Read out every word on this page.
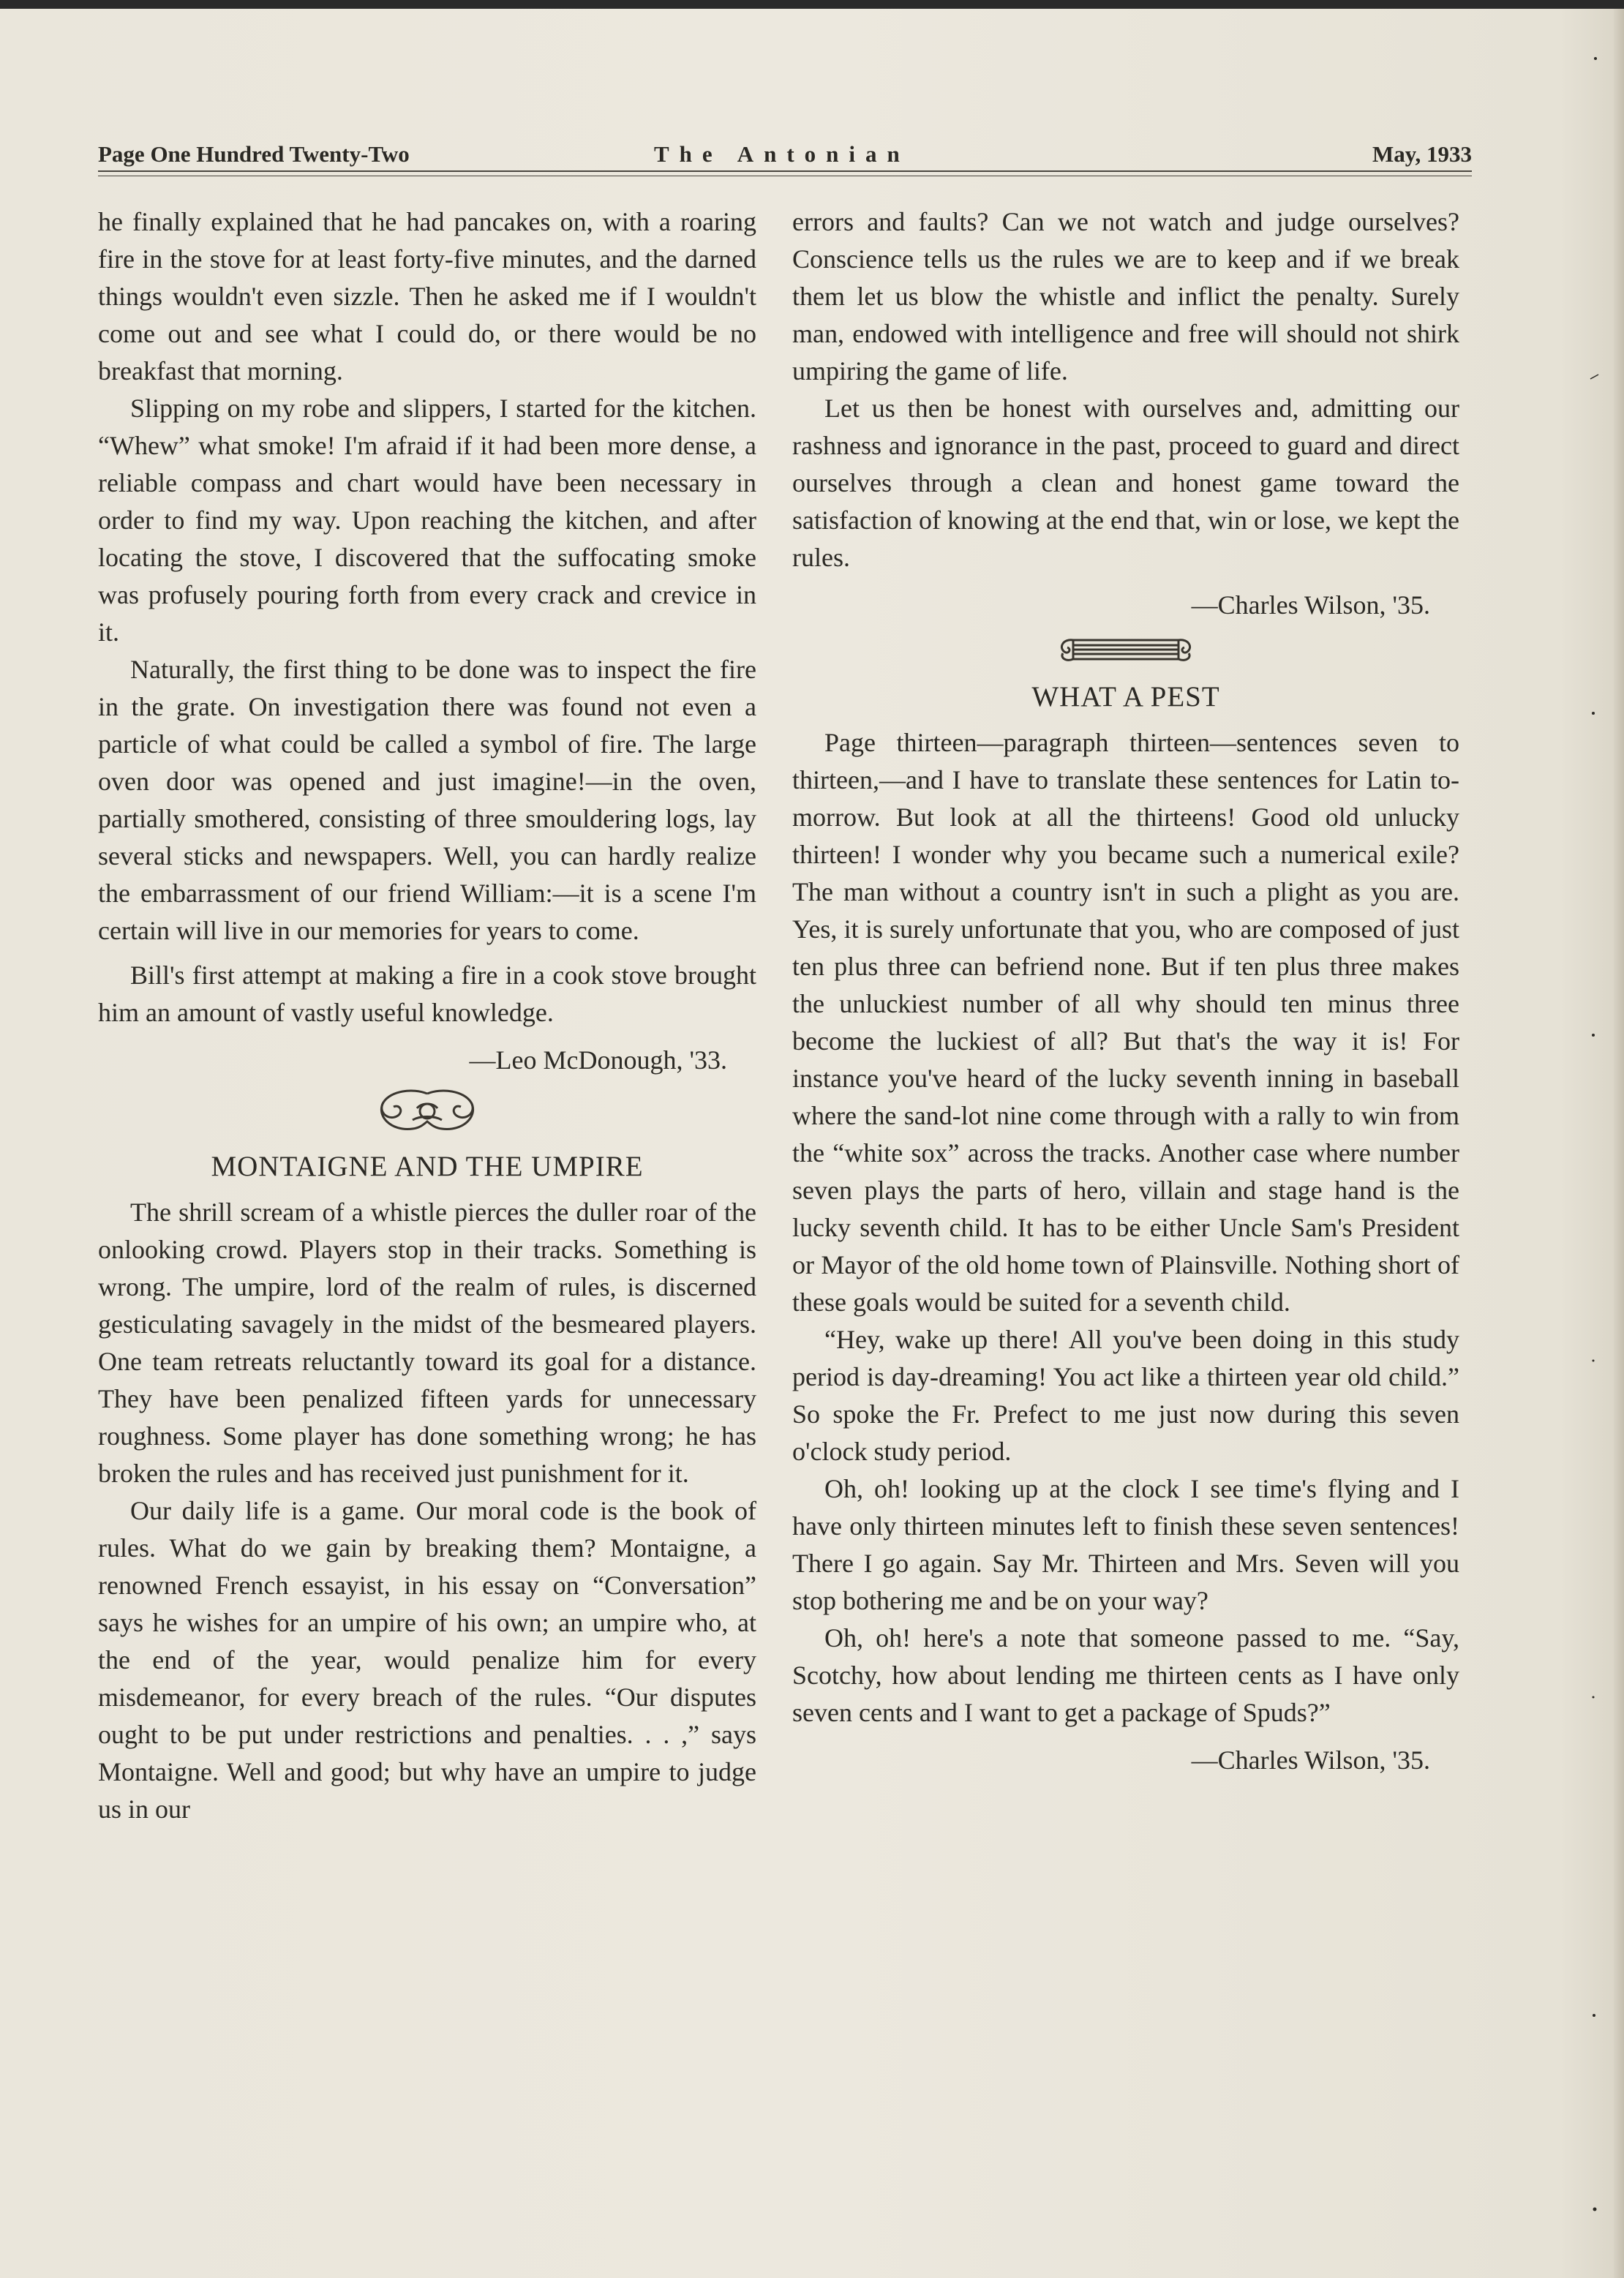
Page One Hundred Twenty-Two	The Antonian	May, 1933

he finally explained that he had pancakes on, with a roaring fire in the stove for at least forty-five minutes, and the darned things wouldn't even sizzle. Then he asked me if I wouldn't come out and see what I could do, or there would be no breakfast that morning.

Slipping on my robe and slippers, I started for the kitchen. “Whew” what smoke! I'm afraid if it had been more dense, a reliable compass and chart would have been necessary in order to find my way. Upon reaching the kitchen, and after locating the stove, I discovered that the suffocating smoke was profusely pouring forth from every crack and crevice in it.

Naturally, the first thing to be done was to inspect the fire in the grate. On investigation there was found not even a particle of what could be called a symbol of fire. The large oven door was opened and just imagine!—in the oven, partially smothered, consisting of three smouldering logs, lay several sticks and newspapers. Well, you can hardly realize the embarrassment of our friend William:—it is a scene I'm certain will live in our memories for years to come.

Bill's first attempt at making a fire in a cook stove brought him an amount of vastly useful knowledge.

—Leo McDonough, '33.
MONTAIGNE AND THE UMPIRE

The shrill scream of a whistle pierces the duller roar of the onlooking crowd. Players stop in their tracks. Something is wrong. The umpire, lord of the realm of rules, is discerned gesticulating savagely in the midst of the besmeared players. One team retreats reluctantly toward its goal for a distance. They have been penalized fifteen yards for unnecessary roughness. Some player has done something wrong; he has broken the rules and has received just punishment for it.

Our daily life is a game. Our moral code is the book of rules. What do we gain by breaking them? Montaigne, a renowned French essayist, in his essay on “Conversation” says he wishes for an umpire of his own; an umpire who, at the end of the year, would penalize him for every misdemeanor, for every breach of the rules. “Our disputes ought to be put under restrictions and penalties. . . ,” says Montaigne. Well and good; but why have an umpire to judge us in our

errors and faults? Can we not watch and judge ourselves? Conscience tells us the rules we are to keep and if we break them let us blow the whistle and inflict the penalty. Surely man, endowed with intelligence and free will should not shirk umpiring the game of life.

Let us then be honest with ourselves and, admitting our rashness and ignorance in the past, proceed to guard and direct ourselves through a clean and honest game toward the satisfaction of knowing at the end that, win or lose, we kept the rules.

—Charles Wilson, '35.
WHAT A PEST

Page thirteen—paragraph thirteen—sentences seven to thirteen,—and I have to translate these sentences for Latin to-morrow. But look at all the thirteens! Good old unlucky thirteen! I wonder why you became such a numerical exile? The man without a country isn't in such a plight as you are. Yes, it is surely unfortunate that you, who are composed of just ten plus three can befriend none. But if ten plus three makes the unluckiest number of all why should ten minus three become the luckiest of all? But that's the way it is! For instance you've heard of the lucky seventh inning in baseball where the sand-lot nine come through with a rally to win from the “white sox” across the tracks. Another case where number seven plays the parts of hero, villain and stage hand is the lucky seventh child. It has to be either Uncle Sam's President or Mayor of the old home town of Plainsville. Nothing short of these goals would be suited for a seventh child.

“Hey, wake up there! All you've been doing in this study period is day-dreaming! You act like a thirteen year old child.” So spoke the Fr. Prefect to me just now during this seven o'clock study period.

Oh, oh! looking up at the clock I see time's flying and I have only thirteen minutes left to finish these seven sentences! There I go again. Say Mr. Thirteen and Mrs. Seven will you stop bothering me and be on your way?

Oh, oh! here's a note that someone passed to me. “Say, Scotchy, how about lending me thirteen cents as I have only seven cents and I want to get a package of Spuds?”

—Charles Wilson, '35.
